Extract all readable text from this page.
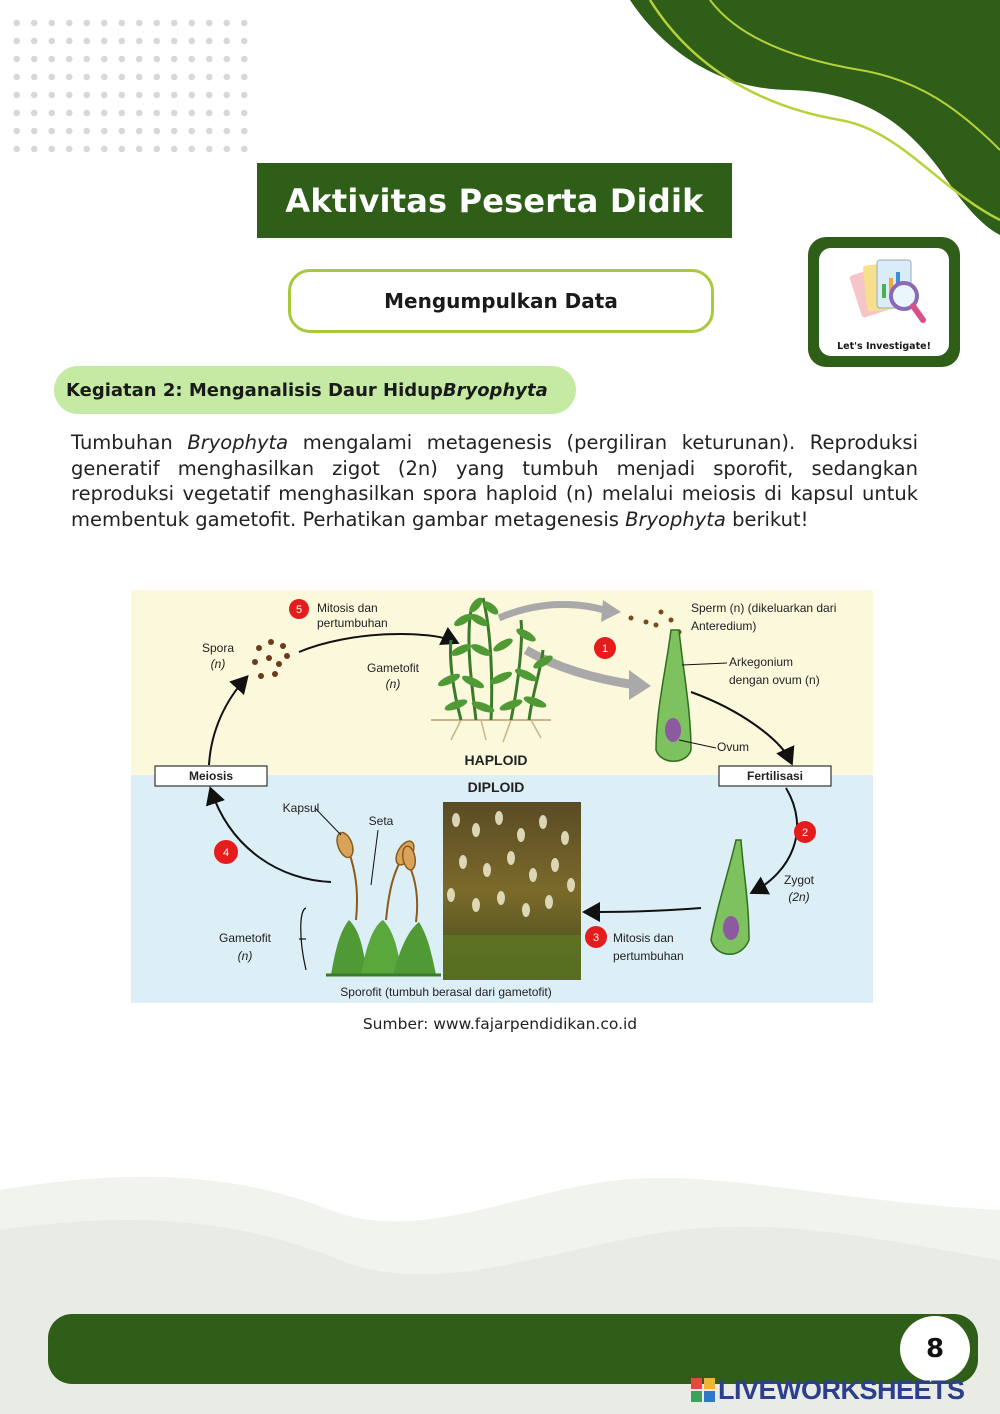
Aktivitas Peserta Didik
Mengumpulkan Data
Let's Investigate!
Kegiatan 2: Menganalisis Daur Hidup Bryophyta
Tumbuhan Bryophyta mengalami metagenesis (pergiliran keturunan). Reproduksi generatif menghasilkan zigot (2n) yang tumbuh menjadi sporofit, sedangkan reproduksi vegetatif menghasilkan spora haploid (n) melalui meiosis di kapsul untuk membentuk gametofit. Perhatikan gambar metagenesis Bryophyta berikut!
Meiosis	Fertilisasi
HAPLOID
DIPLOID
5
1
2
3
4
Mitosis dan
pertumbuhan
Spora
(n)	Gametofit
(n)
Sperm (n) (dikeluarkan dari
Anteredium)
Arkegonium
dengan ovum (n)
Ovum
Kapsul
Seta
Zygot
(2n)
Mitosis dan
pertumbuhan
Gametofit
(n)
Sporofit (tumbuh berasal dari gametofit)
Sumber: www.fajarpendidikan.co.id
8
LIVEWORKSHEETS
